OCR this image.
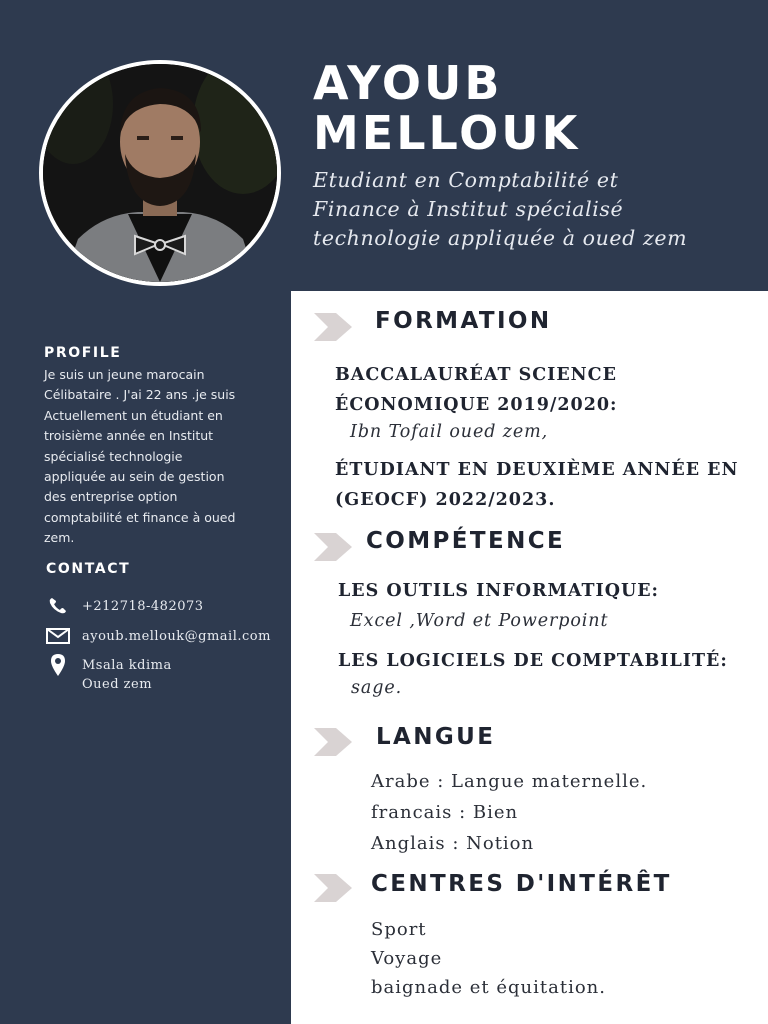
AYOUB
MELLOUK

Etudiant en Comptabilité et
Finance à Institut spécialisé
technologie appliquée à oued zem

PROFILE

Je suis un jeune marocain
Célibataire . J'ai 22 ans .je suis
Actuellement un étudiant en
troisième année en Institut
spécialisé technologie
appliquée au sein de gestion
des entreprise option
comptabilité et finance à oued
zem.

CONTACT
+212718-482073
ayoub.mellouk@gmail.com
Msala kdima
Oued zem
FORMATION

BACCALAURÉAT SCIENCE
ÉCONOMIQUE 2019/2020:

Ibn Tofail oued zem,

ÉTUDIANT EN DEUXIÈME ANNÉE EN
(GEOCF) 2022/2023.

COMPÉTENCE

LES OUTILS INFORMATIQUE:

Excel ,Word et Powerpoint

LES LOGICIELS DE COMPTABILITÉ:

sage.

LANGUE

Arabe : Langue maternelle.

francais : Bien

Anglais : Notion

CENTRES D'INTÉRÊT

Sport

Voyage

baignade et équitation.
